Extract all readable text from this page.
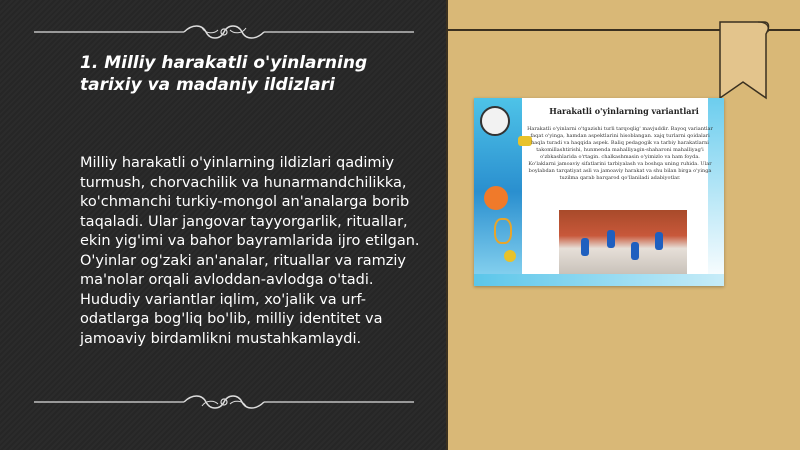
1. Milliy harakatli o'yinlarning tarixiy va madaniy ildizlari

Milliy harakatli o'yinlarning ildizlari qadimiy turmush, chorvachilik va hunarmandchilikka, ko'chmanchi turkiy-mongol an'analarga borib taqaladi. Ular jangovar tayyorgarlik, rituallar, ekin yig'imi va bahor bayramlarida ijro etilgan. O'yinlar og'zaki an'analar, rituallar va ramziy ma'nolar orqali avloddan-avlodga o'tadi. Hududiy variantlar iqlim, xo'jalik va urf-odatlarga bog'liq bo'lib, milliy identitet va jamoaviy birdamlikni mustahkamlaydi.

Harakatli o'yinlarning variantlari
Harakatli o'yinlarni o'tgazishi turli tarqoqlig' mavjuddir. Bayoq variantlar faqat o'yinga, hamdan aspektlarini hisoblangan. xajq turlarni qoidalari haqla turadi va haqqida aspek. Baliq pedagogik va tarbiy harakatlarni takomillashtirishi, hunmenda mahalliyagin-shaharoni mahalliyag'i o'zbkashlarida o'rtagin. chalkashmasin o'yimizlo va ham foyda. Ko'laklarni jamoaviy sifatlarini tarbiyalash va boshqa uning ruhida. Ular boylabdan tarqatiyat asli va jamoaviy harakat va shu bilan birga o'yinga tuzilma qarab barqarod qo'llaniladi adabiyotlar.
